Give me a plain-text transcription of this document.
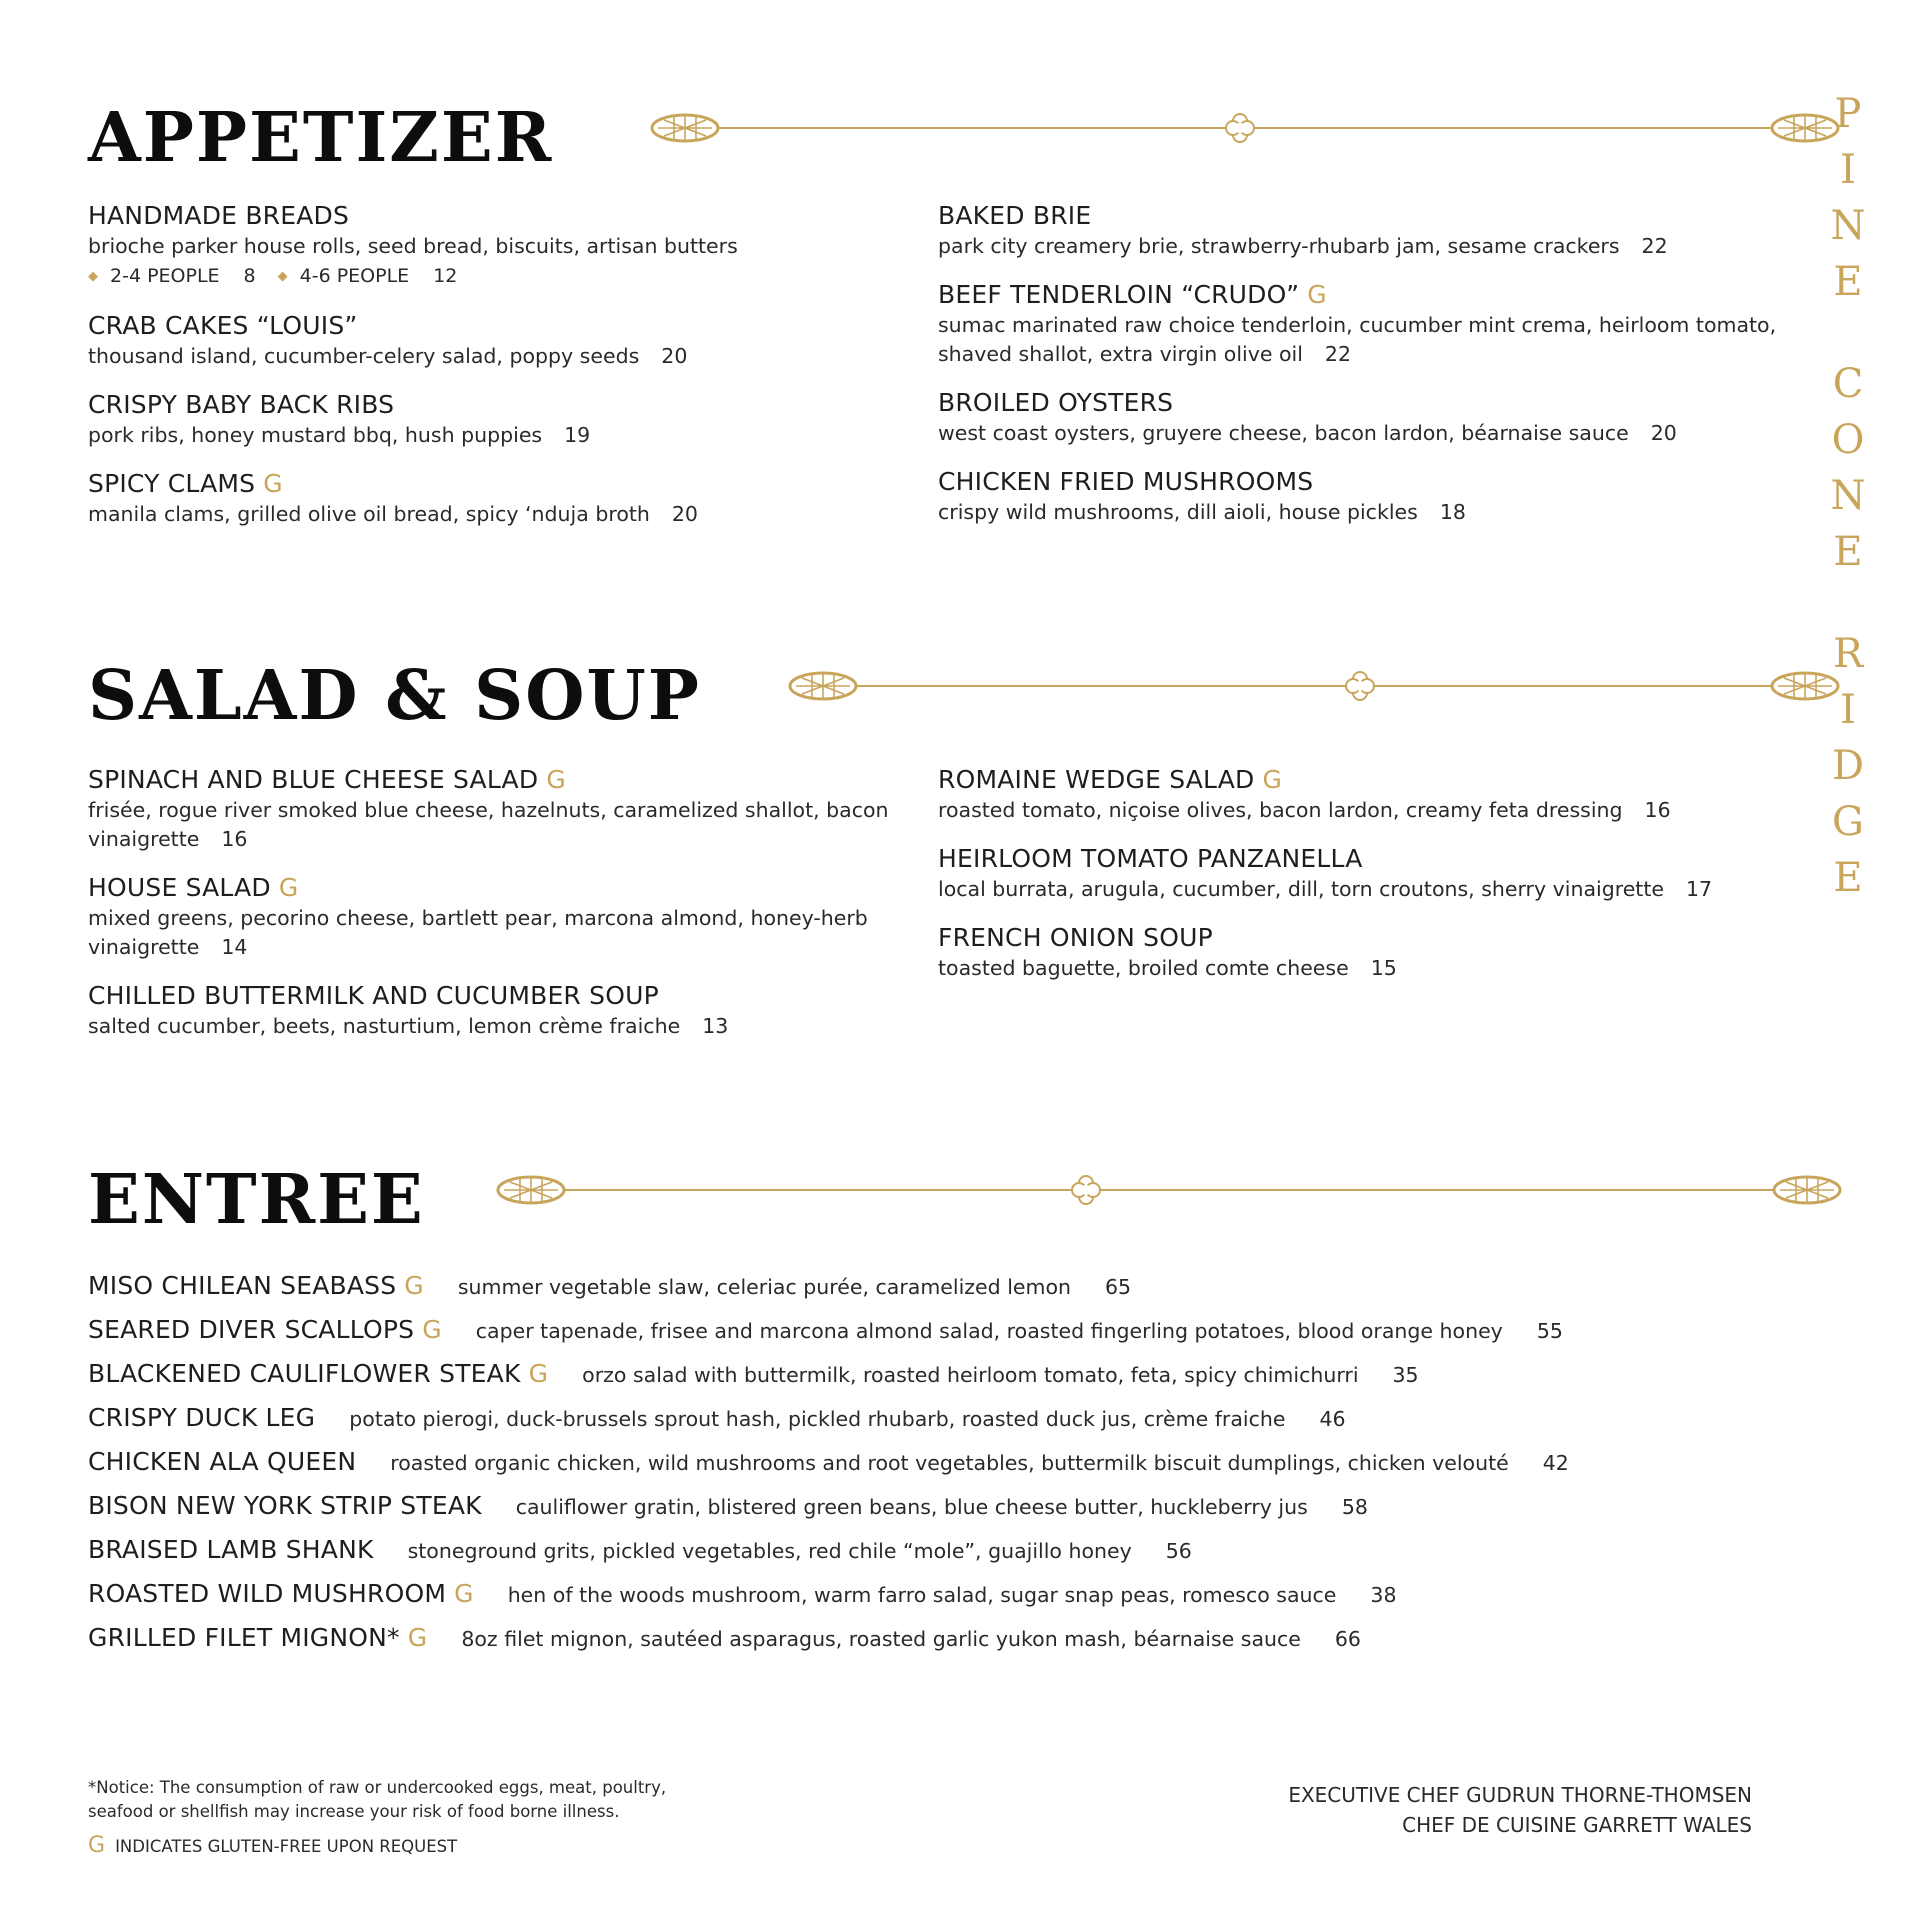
P
I
N
E
C
O
N
E
R
I
D
G
E
APPETIZER
HANDMADE BREADS
brioche parker house rolls, seed bread, biscuits, artisan butters
◆ 2-4 PEOPLE 8 ◆ 4-6 PEOPLE 12
CRAB CAKES “LOUIS”
thousand island, cucumber-celery salad, poppy seeds 20
CRISPY BABY BACK RIBS
pork ribs, honey mustard bbq, hush puppies 19
SPICY CLAMS G
manila clams, grilled olive oil bread, spicy ‘nduja broth 20
BAKED BRIE
park city creamery brie, strawberry-rhubarb jam, sesame crackers 22
BEEF TENDERLOIN “CRUDO” G
sumac marinated raw choice tenderloin, cucumber mint crema, heirloom tomato, shaved shallot, extra virgin olive oil 22
BROILED OYSTERS
west coast oysters, gruyere cheese, bacon lardon, béarnaise sauce 20
CHICKEN FRIED MUSHROOMS
crispy wild mushrooms, dill aioli, house pickles 18
SALAD & SOUP
SPINACH AND BLUE CHEESE SALAD G
frisée, rogue river smoked blue cheese, hazelnuts, caramelized shallot, bacon vinaigrette 16
HOUSE SALAD G
mixed greens, pecorino cheese, bartlett pear, marcona almond, honey-herb vinaigrette 14
CHILLED BUTTERMILK AND CUCUMBER SOUP
salted cucumber, beets, nasturtium, lemon crème fraiche 13
ROMAINE WEDGE SALAD G
roasted tomato, niçoise olives, bacon lardon, creamy feta dressing 16
HEIRLOOM TOMATO PANZANELLA
local burrata, arugula, cucumber, dill, torn croutons, sherry vinaigrette 17
FRENCH ONION SOUP
toasted baguette, broiled comte cheese 15
ENTREE
MISO CHILEAN SEABASS G summer vegetable slaw, celeriac purée, caramelized lemon 65
SEARED DIVER SCALLOPS G caper tapenade, frisee and marcona almond salad, roasted fingerling potatoes, blood orange honey 55
BLACKENED CAULIFLOWER STEAK G orzo salad with buttermilk, roasted heirloom tomato, feta, spicy chimichurri 35
CRISPY DUCK LEG potato pierogi, duck-brussels sprout hash, pickled rhubarb, roasted duck jus, crème fraiche 46
CHICKEN ALA QUEEN roasted organic chicken, wild mushrooms and root vegetables, buttermilk biscuit dumplings, chicken velouté 42
BISON NEW YORK STRIP STEAK cauliflower gratin, blistered green beans, blue cheese butter, huckleberry jus 58
BRAISED LAMB SHANK stoneground grits, pickled vegetables, red chile “mole”, guajillo honey 56
ROASTED WILD MUSHROOM G hen of the woods mushroom, warm farro salad, sugar snap peas, romesco sauce 38
GRILLED FILET MIGNON* G 8oz filet mignon, sautéed asparagus, roasted garlic yukon mash, béarnaise sauce 66
*Notice: The consumption of raw or undercooked eggs, meat, poultry,
seafood or shellfish may increase your risk of food borne illness.
G INDICATES GLUTEN-FREE UPON REQUEST
EXECUTIVE CHEF GUDRUN THORNE-THOMSEN
CHEF DE CUISINE GARRETT WALES
